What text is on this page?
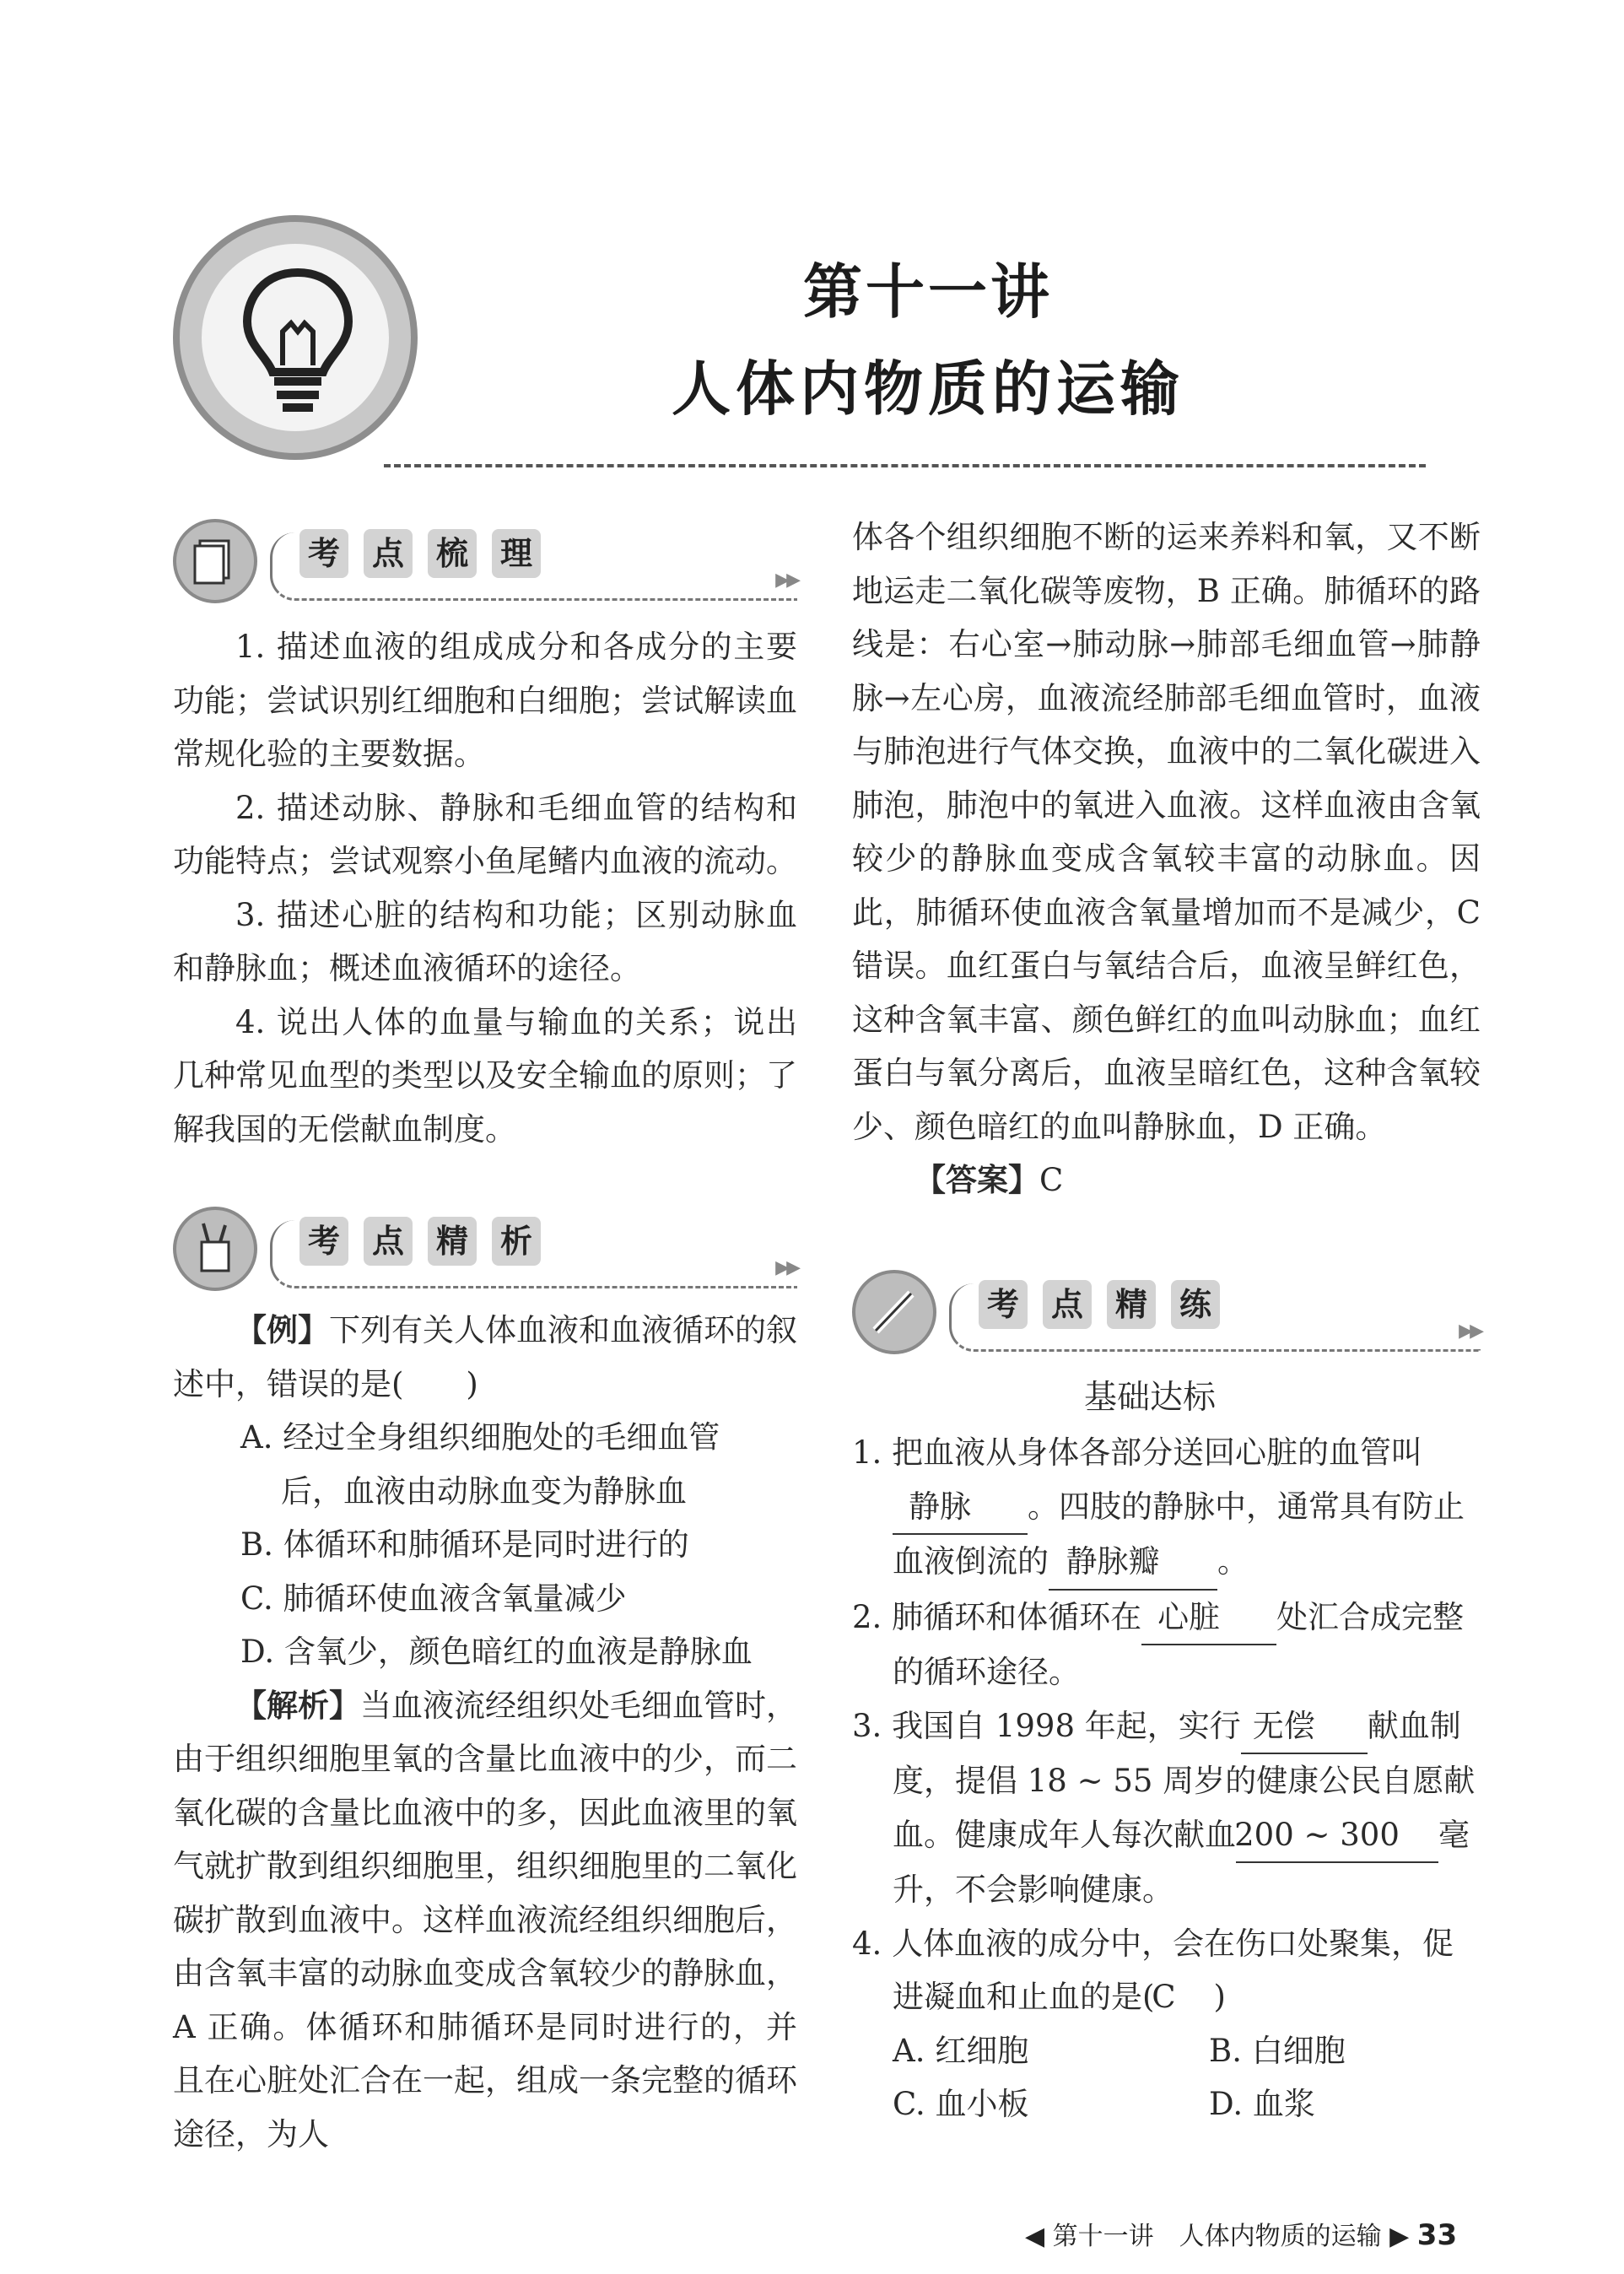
第十一讲
人体内物质的运输
考 点 梳 理
▶▶

1. 描述血液的组成成分和各成分的主要功能；尝试识别红细胞和白细胞；尝试解读血常规化验的主要数据。

2. 描述动脉、静脉和毛细血管的结构和功能特点；尝试观察小鱼尾鳍内血液的流动。

3. 描述心脏的结构和功能；区别动脉血和静脉血；概述血液循环的途径。

4. 说出人体的血量与输血的关系；说出几种常见血型的类型以及安全输血的原则；了解我国的无偿献血制度。

考 点 精 析
▶▶

【例】下列有关人体血液和血液循环的叙述中，错误的是(　　)

A. 经过全身组织细胞处的毛细血管

后，血液由动脉血变为静脉血

B. 体循环和肺循环是同时进行的

C. 肺循环使血液含氧量减少

D. 含氧少，颜色暗红的血液是静脉血

【解析】当血液流经组织处毛细血管时，由于组织细胞里氧的含量比血液中的少，而二氧化碳的含量比血液中的多，因此血液里的氧气就扩散到组织细胞里，组织细胞里的二氧化碳扩散到血液中。这样血液流经组织细胞后，由含氧丰富的动脉血变成含氧较少的静脉血，A 正确。体循环和肺循环是同时进行的，并且在心脏处汇合在一起，组成一条完整的循环途径，为人

体各个组织细胞不断的运来养料和氧，又不断地运走二氧化碳等废物，B 正确。肺循环的路线是：右心室→肺动脉→肺部毛细血管→肺静脉→左心房，血液流经肺部毛细血管时，血液与肺泡进行气体交换，血液中的二氧化碳进入肺泡，肺泡中的氧进入血液。这样血液由含氧较少的静脉血变成含氧较丰富的动脉血。因此，肺循环使血液含氧量增加而不是减少，C 错误。血红蛋白与氧结合后，血液呈鲜红色，这种含氧丰富、颜色鲜红的血叫动脉血；血红蛋白与氧分离后，血液呈暗红色，这种含氧较少、颜色暗红的血叫静脉血，D 正确。

【答案】C

考 点 精 练
▶▶
基础达标

1. 把血液从身体各部分送回心脏的血管叫静脉 。四肢的静脉中，通常具有防止血液倒流的 静脉瓣 。

2. 肺循环和体循环在 心脏 处汇合成完整的循环途径。

3. 我国自 1998 年起，实行 无偿 献血制度，提倡 18 ~ 55 周岁的健康公民自愿献血。健康成年人每次献血200 ~ 300 毫升，不会影响健康。

4. 人体血液的成分中，会在伤口处聚集，促进凝血和止血的是(C )

A. 红细胞	B. 白细胞
C. 血小板	D. 血浆
◀ 第十一讲　人体内物质的运输 ▶ 33
